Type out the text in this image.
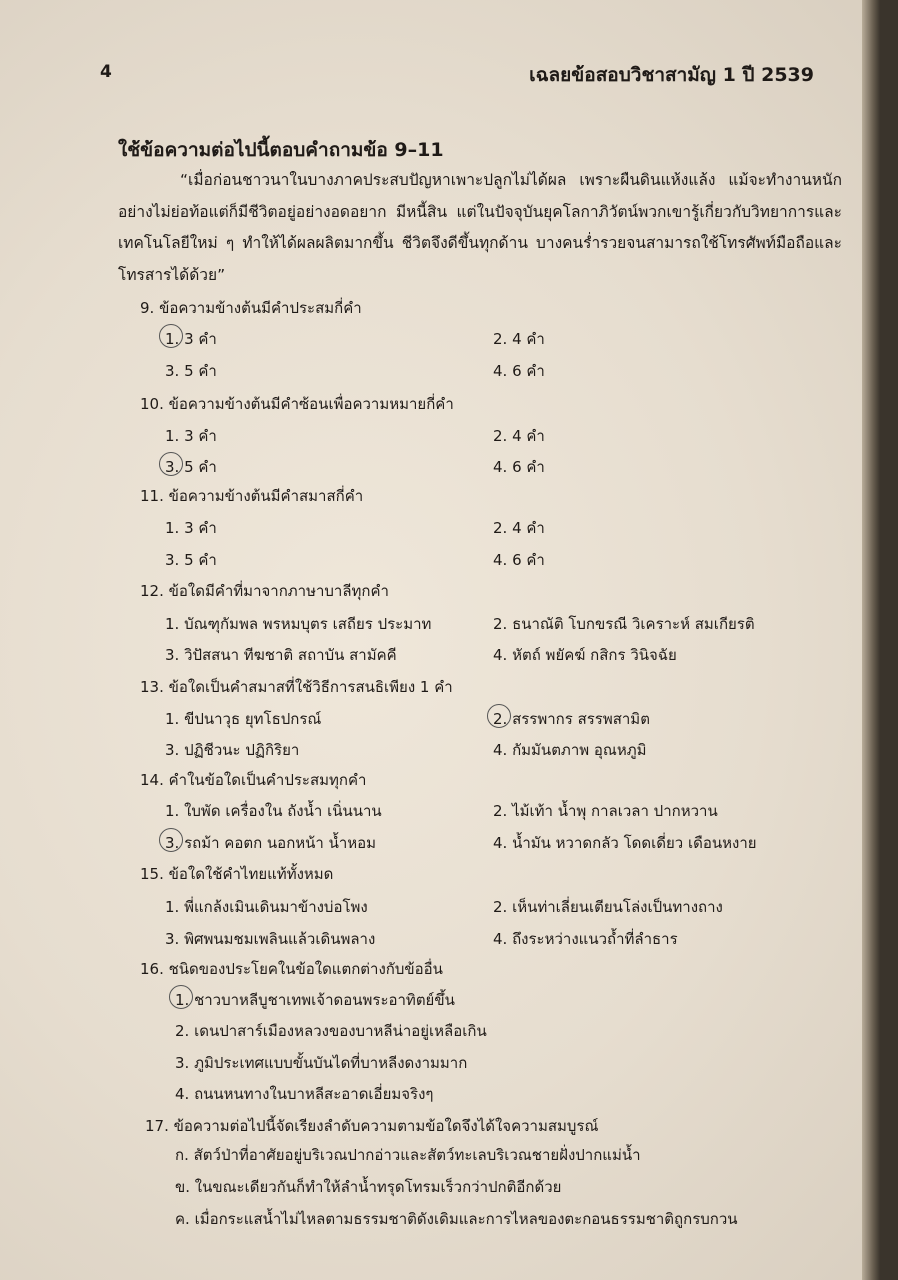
4	เฉลยข้อสอบวิชาสามัญ 1 ปี 2539
ใช้ข้อความต่อไปนี้ตอบคำถามข้อ 9–11
“เมื่อก่อนชาวนาในบางภาคประสบปัญหาเพาะปลูกไม่ได้ผล เพราะผืนดินแห้งแล้ง แม้จะทำงานหนักอย่างไม่ย่อท้อแต่ก็มีชีวิตอยู่อย่างอดอยาก มีหนี้สิน แต่ในปัจจุบันยุคโลกาภิวัตน์พวกเขารู้เกี่ยวกับวิทยาการและเทคโนโลยีใหม่ ๆ ทำให้ได้ผลผลิตมากขึ้น ชีวิตจึงดีขึ้นทุกด้าน บางคนร่ำรวยจนสามารถใช้โทรศัพท์มือถือและโทรสารได้ด้วย”
9. ข้อความข้างต้นมีคำประสมกี่คำ
1. 3 คำ	2. 4 คำ
3. 5 คำ	4. 6 คำ
10. ข้อความข้างต้นมีคำซ้อนเพื่อความหมายกี่คำ
1. 3 คำ	2. 4 คำ
3. 5 คำ	4. 6 คำ
11. ข้อความข้างต้นมีคำสมาสกี่คำ
1. 3 คำ	2. 4 คำ
3. 5 คำ	4. 6 คำ
12. ข้อใดมีคำที่มาจากภาษาบาลีทุกคำ
1. บัณฑุกัมพล พรหมบุตร เสถียร ประมาท	2. ธนาณัติ โบกขรณี วิเคราะห์ สมเกียรติ
3. วิปัสสนา ทีฆชาติ สถาบัน สามัคคี	4. หัตถ์ พยัคฆ์ กสิกร วินิจฉัย
13. ข้อใดเป็นคำสมาสที่ใช้วิธีการสนธิเพียง 1 คำ
1. ขีปนาวุธ ยุทโธปกรณ์	2. สรรพากร สรรพสามิต
3. ปฏิชีวนะ ปฏิกิริยา	4. กัมมันตภาพ อุณหภูมิ
14. คำในข้อใดเป็นคำประสมทุกคำ
1. ใบพัด เครื่องใน ถังน้ำ เนิ่นนาน	2. ไม้เท้า น้ำพุ กาลเวลา ปากหวาน
3. รถม้า คอตก นอกหน้า น้ำหอม	4. น้ำมัน หวาดกลัว โดดเดี่ยว เดือนหงาย
15. ข้อใดใช้คำไทยแท้ทั้งหมด
1. พี่แกล้งเมินเดินมาข้างบ่อโพง	2. เห็นท่าเลี่ยนเตียนโล่งเป็นทางถาง
3. พิศพนมชมเพลินแล้วเดินพลาง	4. ถึงระหว่างแนวถ้ำที่ลำธาร
16. ชนิดของประโยคในข้อใดแตกต่างกับข้ออื่น
1. ชาวบาหลีบูชาเทพเจ้าดอนพระอาทิตย์ขึ้น
2. เดนปาสาร์เมืองหลวงของบาหลีน่าอยู่เหลือเกิน
3. ภูมิประเทศแบบขั้นบันไดที่บาหลีงดงามมาก
4. ถนนหนทางในบาหลีสะอาดเอี่ยมจริงๆ
17. ข้อความต่อไปนี้จัดเรียงลำดับความตามข้อใดจึงได้ใจความสมบูรณ์
ก. สัตว์ป่าที่อาศัยอยู่บริเวณปากอ่าวและสัตว์ทะเลบริเวณชายฝั่งปากแม่น้ำ
ข. ในขณะเดียวกันก็ทำให้ลำน้ำทรุดโทรมเร็วกว่าปกติอีกด้วย
ค. เมื่อกระแสน้ำไม่ไหลตามธรรมชาติดังเดิมและการไหลของตะกอนธรรมชาติถูกรบกวน
